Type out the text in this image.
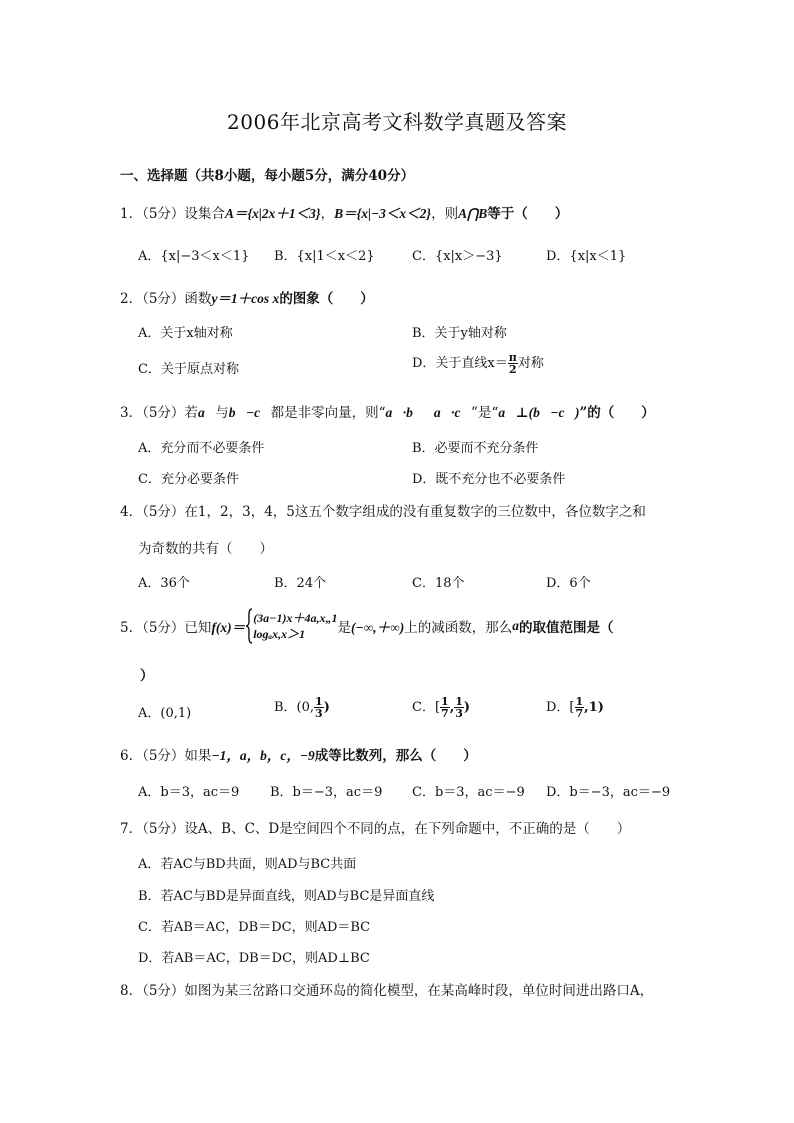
2006年北京高考文科数学真题及答案
一、选择题（共8小题，每小题5分，满分40分）
1．（5分）设集合A＝{x|2x＋1＜3}，B＝{x|−3＜x＜2}，则A⋂B等于（　　）
A．{x|−3＜x＜1} B．{x|1＜x＜2}	C．{x|x＞−3}	D．{x|x＜1}
2．（5分）函数y＝1＋cos x的图象（　　）
A．关于x轴对称	B．关于y轴对称
C．关于原点对称	D．关于直线$x= \frac{\pi}{2}$ 对称
3．（5分）若a⃗与b⃗−c⃗都是非零向量，则“a⃗·b⃗＝a⃗·c⃗”是“a⃗⊥(b⃗−c⃗)”的（　　）
A．充分而不必要条件	B．必要而不充分条件
C．充分必要条件	D．既不充分也不必要条件
4．（5分）在1，2，3，4，5这五个数字组成的没有重复数字的三位数中，各位数字之和
为奇数的共有（　　）
A．36个	B．24个	C．18个	D．6个
5．（5分）已知f(x)＝
(3a−1)x＋4a,x„1
logₐx,x＞1	是(−∞,＋∞)上的减函数，那么a的取值范围是（
）
A．(0,1)	B．(0, $\frac{1}{3}$ )	C．[ $\frac{1}{7}$ , $\frac{1}{3}$ )	D．[ $\frac{1}{7} ,1$)
6．（5分）如果−1，a，b，c，−9成等比数列，那么（　　）
A．b＝3，ac＝9 B．b＝−3，ac＝9 C．b＝3，ac＝−9 D．b＝−3，ac＝−9
7．（5分）设A、B、C、D是空间四个不同的点，在下列命题中，不正确的是（　　）
A．若AC与BD共面，则AD与BC共面
B．若AC与BD是异面直线，则AD与BC是异面直线
C．若AB＝AC，DB＝DC，则AD＝BC
D．若AB＝AC，DB＝DC，则AD⊥BC
8．（5分）如图为某三岔路口交通环岛的简化模型，在某高峰时段，单位时间进出路口A，
